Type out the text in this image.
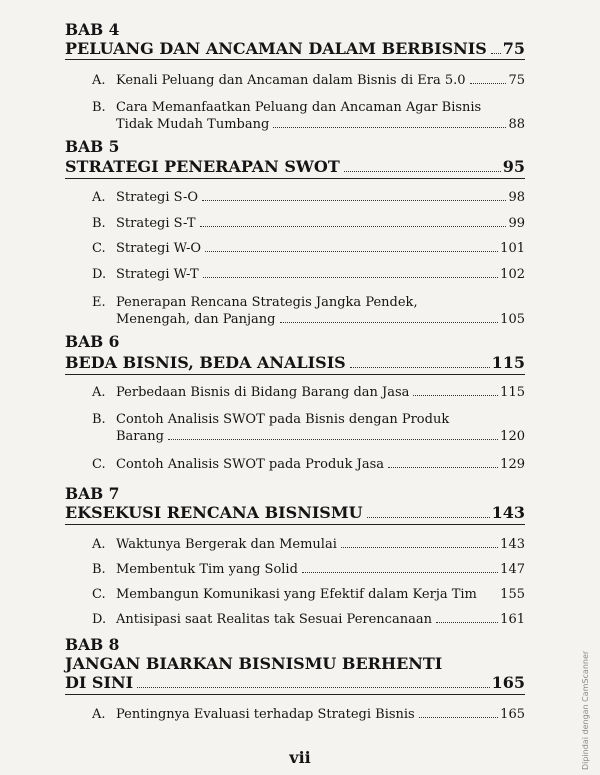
BAB 4
PELUANG DAN ANCAMAN DALAM BERBISNIS 75
A. Kenali Peluang dan Ancaman dalam Bisnis di Era 5.0	75
B. Cara Memanfaatkan Peluang dan Ancaman Agar Bisnis
Tidak Mudah Tumbang	88
BAB 5
STRATEGI PENERAPAN SWOT	95
A. Strategi S-O	98
B. Strategi S-T	99
C. Strategi W-O	101
D. Strategi W-T	102
E. Penerapan Rencana Strategis Jangka Pendek,
Menengah, dan Panjang	105
BAB 6
BEDA BISNIS, BEDA ANALISIS	115
A. Perbedaan Bisnis di Bidang Barang dan Jasa	115
B. Contoh Analisis SWOT pada Bisnis dengan Produk
Barang	120
C. Contoh Analisis SWOT pada Produk Jasa	129
BAB 7
EKSEKUSI RENCANA BISNISMU	143
A. Waktunya Bergerak dan Memulai	143
B. Membentuk Tim yang Solid	147
C. Membangun Komunikasi yang Efektif dalam Kerja Tim 155
D. Antisipasi saat Realitas tak Sesuai Perencanaan	161
BAB 8
JANGAN BIARKAN BISNISMU BERHENTI
DI SINI	165
A. Pentingnya Evaluasi terhadap Strategi Bisnis	165
vii	Dipindai dengan CamScanner
